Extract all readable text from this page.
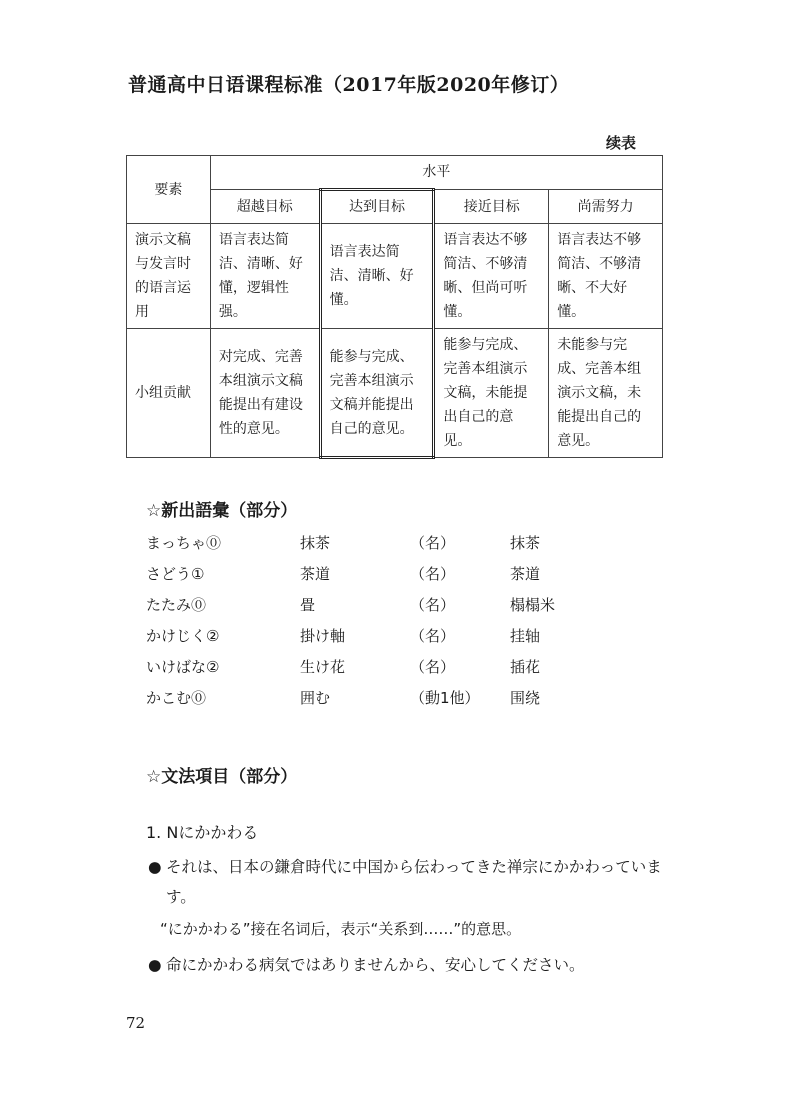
普通高中日语课程标准（2017年版2020年修订）
续表
要素	水平			
	超越目标	达到目标	接近目标	尚需努力
演示文稿与发言时的语言运用	语言表达简洁、清晰、好懂，逻辑性强。	语言表达简洁、清晰、好懂。	语言表达不够简洁、不够清晰、但尚可听懂。	语言表达不够简洁、不够清晰、不大好懂。
小组贡献	对完成、完善本组演示文稿能提出有建设性的意见。	能参与完成、完善本组演示文稿并能提出自己的意见。	能参与完成、完善本组演示文稿，未能提出自己的意见。	未能参与完成、完善本组演示文稿，未能提出自己的意见。
☆新出語彙（部分）
まっちゃ⓪	抹茶	（名）	抹茶
さどう①	茶道	（名）	茶道
たたみ⓪	畳	（名）	榻榻米
かけじく②	掛け軸	（名）	挂轴
いけばな②	生け花	（名）	插花
かこむ⓪	囲む	（動1他） 围绕
☆文法項目（部分）
1. Nにかかわる
● それは、日本の鎌倉時代に中国から伝わってきた禅宗にかかわっています。
“にかかわる”接在名词后，表示“关系到……”的意思。
● 命にかかわる病気ではありませんから、安心してください。
72
